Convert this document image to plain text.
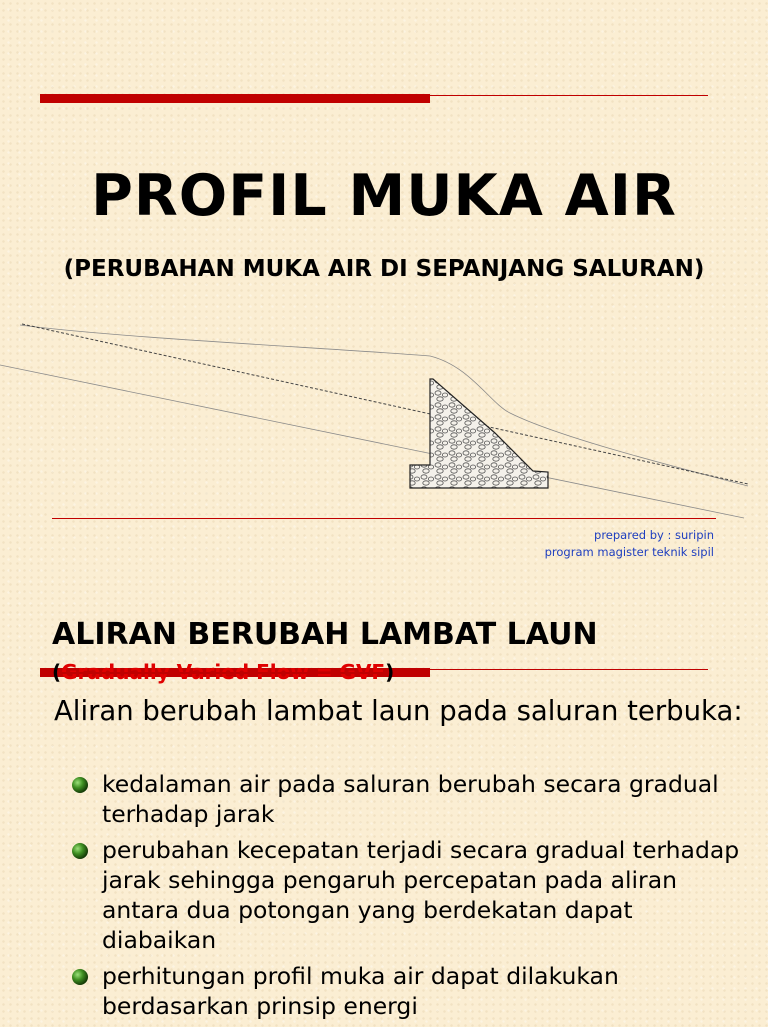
PROFIL MUKA AIR
(PERUBAHAN MUKA AIR DI SEPANJANG SALURAN)
prepared by : suripin
program magister teknik sipil
ALIRAN BERUBAH LAMBAT LAUN
(Gradually Varied Flow = GVF)
Aliran berubah lambat laun pada saluran terbuka:
kedalaman air pada saluran berubah secara gradual terhadap jarak
perubahan kecepatan terjadi secara gradual terhadap jarak sehingga pengaruh percepatan pada aliran antara dua potongan yang berdekatan dapat diabaikan
perhitungan profil muka air dapat dilakukan berdasarkan prinsip energi
